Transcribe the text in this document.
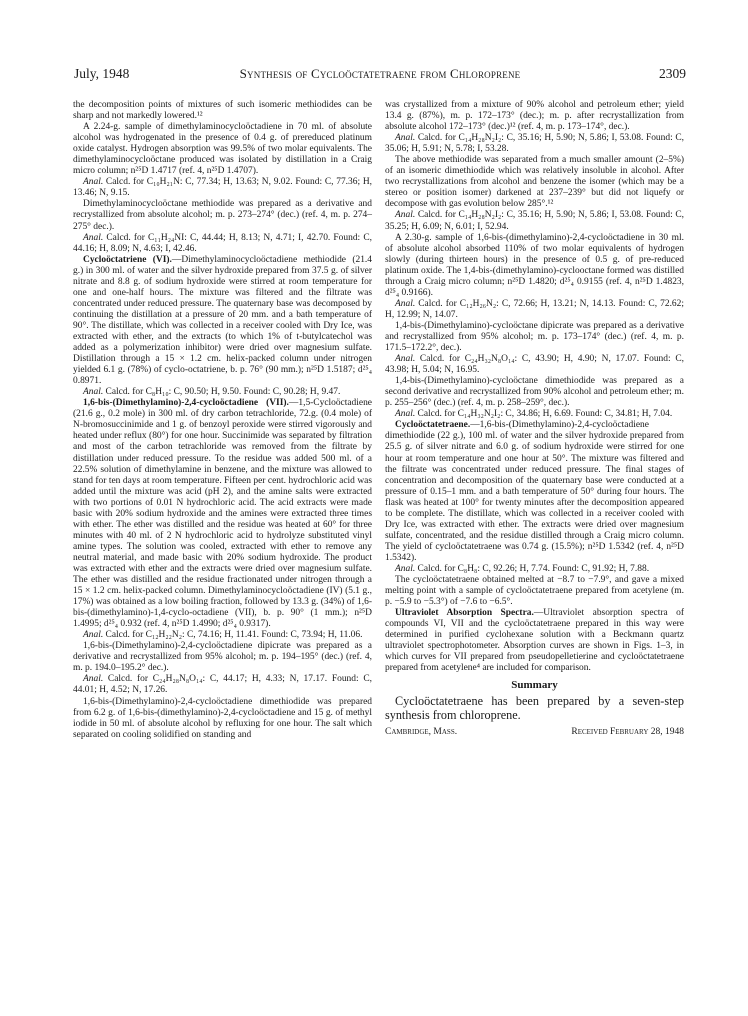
July, 1948	Synthesis of Cycloöctatetraene from Chloroprene	2309

the decomposition points of mixtures of such isomeric methiodides can be sharp and not markedly lowered.¹²

A 2.24-g. sample of dimethylaminocycloöctadiene in 70 ml. of absolute alcohol was hydrogenated in the presence of 0.4 g. of prereduced platinum oxide catalyst. Hydrogen absorption was 99.5% of two molar equivalents. The dimethylaminocycloöctane produced was isolated by distillation in a Craig micro column; n²⁵D 1.4717 (ref. 4, n²⁵D 1.4707).

Anal. Calcd. for C₁₀H₂₁N: C, 77.34; H, 13.63; N, 9.02. Found: C, 77.36; H, 13.46; N, 9.15.

Dimethylaminocycloöctane methiodide was prepared as a derivative and recrystallized from absolute alcohol; m. p. 273–274° (dec.) (ref. 4, m. p. 274–275° dec.).

Anal. Calcd. for C₁₁H₂₄NI: C, 44.44; H, 8.13; N, 4.71; I, 42.70. Found: C, 44.16; H, 8.09; N, 4.63; I, 42.46.

Cycloöctatriene (VI).—Dimethylaminocycloöctadiene methiodide (21.4 g.) in 300 ml. of water and the silver hydroxide prepared from 37.5 g. of silver nitrate and 8.8 g. of sodium hydroxide were stirred at room temperature for one and one-half hours. The mixture was filtered and the filtrate was concentrated under reduced pressure. The quaternary base was decomposed by continuing the distillation at a pressure of 20 mm. and a bath temperature of 90°. The distillate, which was collected in a receiver cooled with Dry Ice, was extracted with ether, and the extracts (to which 1% of t-butylcatechol was added as a polymerization inhibitor) were dried over magnesium sulfate. Distillation through a 15 × 1.2 cm. helix-packed column under nitrogen yielded 6.1 g. (78%) of cyclo-octatriene, b. p. 76° (90 mm.); n²⁵D 1.5187; d²⁵₄ 0.8971.

Anal. Calcd. for C₈H₁₀: C, 90.50; H, 9.50. Found: C, 90.28; H, 9.47.

1,6-bis-(Dimethylamino)-2,4-cycloöctadiene (VII).—1,5-Cycloöctadiene (21.6 g., 0.2 mole) in 300 ml. of dry carbon tetrachloride, 72.g. (0.4 mole) of N-bromosuccinimide and 1 g. of benzoyl peroxide were stirred vigorously and heated under reflux (80°) for one hour. Succinimide was separated by filtration and most of the carbon tetrachloride was removed from the filtrate by distillation under reduced pressure. To the residue was added 500 ml. of a 22.5% solution of dimethylamine in benzene, and the mixture was allowed to stand for ten days at room temperature. Fifteen per cent. hydrochloric acid was added until the mixture was acid (pH 2), and the amine salts were extracted with two portions of 0.01 N hydrochloric acid. The acid extracts were made basic with 20% sodium hydroxide and the amines were extracted three times with ether. The ether was distilled and the residue was heated at 60° for three minutes with 40 ml. of 2 N hydrochloric acid to hydrolyze substituted vinyl amine types. The solution was cooled, extracted with ether to remove any neutral material, and made basic with 20% sodium hydroxide. The product was extracted with ether and the extracts were dried over magnesium sulfate. The ether was distilled and the residue fractionated under nitrogen through a 15 × 1.2 cm. helix-packed column. Dimethylaminocycloöctadiene (IV) (5.1 g., 17%) was obtained as a low boiling fraction, followed by 13.3 g. (34%) of 1,6-bis-(dimethylamino)-1,4-cyclo-octadiene (VII), b. p. 90° (1 mm.); n²⁵D 1.4995; d²⁵₄ 0.932 (ref. 4, n²⁵D 1.4990; d²⁵₄ 0.9317).

Anal. Calcd. for C₁₂H₂₂N₂: C, 74.16; H, 11.41. Found: C, 73.94; H, 11.06.

1,6-bis-(Dimethylamino)-2,4-cycloöctadiene dipicrate was prepared as a derivative and recrystallized from 95% alcohol; m. p. 194–195° (dec.) (ref. 4, m. p. 194.0–195.2° dec.).

Anal. Calcd. for C₂₄H₂₈N₈O₁₄: C, 44.17; H, 4.33; N, 17.17. Found: C, 44.01; H, 4.52; N, 17.26.

1,6-bis-(Dimethylamino)-2,4-cycloöctadiene dimethiodide was prepared from 6.2 g. of 1,6-bis-(dimethylamino)-2,4-cycloöctadiene and 15 g. of methyl iodide in 50 ml. of absolute alcohol by refluxing for one hour. The salt which separated on cooling solidified on standing and

was crystallized from a mixture of 90% alcohol and petroleum ether; yield 13.4 g. (87%), m. p. 172–173° (dec.); m. p. after recrystallization from absolute alcohol 172–173° (dec.)¹² (ref. 4, m. p. 173–174°, dec.).

Anal. Calcd. for C₁₄H₂₈N₂I₂: C, 35.16; H, 5.90; N, 5.86; I, 53.08. Found: C, 35.06; H, 5.91; N, 5.78; I, 53.28.

The above methiodide was separated from a much smaller amount (2–5%) of an isomeric dimethiodide which was relatively insoluble in alcohol. After two recrystallizations from alcohol and benzene the isomer (which may be a stereo or position isomer) darkened at 237–239° but did not liquefy or decompose with gas evolution below 285°.¹²

Anal. Calcd. for C₁₄H₂₈N₂I₂: C, 35.16; H, 5.90; N, 5.86; I, 53.08. Found: C, 35.25; H, 6.09; N, 6.01; I, 52.94.

A 2.30-g. sample of 1,6-bis-(dimethylamino)-2,4-cycloöctadiene in 30 ml. of absolute alcohol absorbed 110% of two molar equivalents of hydrogen slowly (during thirteen hours) in the presence of 0.5 g. of pre-reduced platinum oxide. The 1,4-bis-(dimethylamino)-cyclooctane formed was distilled through a Craig micro column; n²⁵D 1.4820; d²⁵₄ 0.9155 (ref. 4, n²⁵D 1.4823, d²⁵₄ 0.9166).

Anal. Calcd. for C₁₂H₂₆N₂: C, 72.66; H, 13.21; N, 14.13. Found: C, 72.62; H, 12.99; N, 14.07.

1,4-bis-(Dimethylamino)-cycloöctane dipicrate was prepared as a derivative and recrystallized from 95% alcohol; m. p. 173–174° (dec.) (ref. 4, m. p. 171.5–172.2°, dec.).

Anal. Calcd. for C₂₄H₃₂N₈O₁₄: C, 43.90; H, 4.90; N, 17.07. Found: C, 43.98; H, 5.04; N, 16.95.

1,4-bis-(Dimethylamino)-cycloöctane dimethiodide was prepared as a second derivative and recrystallized from 90% alcohol and petroleum ether; m. p. 255–256° (dec.) (ref. 4, m. p. 258–259°, dec.).

Anal. Calcd. for C₁₄H₃₂N₂I₂: C, 34.86; H, 6.69. Found: C, 34.81; H, 7.04.

Cycloöctatetraene.—1,6-bis-(Dimethylamino)-2,4-cycloöctadiene dimethiodide (22 g.), 100 ml. of water and the silver hydroxide prepared from 25.5 g. of silver nitrate and 6.0 g. of sodium hydroxide were stirred for one hour at room temperature and one hour at 50°. The mixture was filtered and the filtrate was concentrated under reduced pressure. The final stages of concentration and decomposition of the quaternary base were conducted at a pressure of 0.15–1 mm. and a bath temperature of 50° during four hours. The flask was heated at 100° for twenty minutes after the decomposition appeared to be complete. The distillate, which was collected in a receiver cooled with Dry Ice, was extracted with ether. The extracts were dried over magnesium sulfate, concentrated, and the residue distilled through a Craig micro column. The yield of cycloöctatetraene was 0.74 g. (15.5%); n²⁵D 1.5342 (ref. 4, n²⁵D 1.5342).

Anal. Calcd. for C₈H₈: C, 92.26; H, 7.74. Found: C, 91.92; H, 7.88.

The cycloöctatetraene obtained melted at −8.7 to −7.9°, and gave a mixed melting point with a sample of cycloöctatetraene prepared from acetylene (m. p. −5.9 to −5.3°) of −7.6 to −6.5°.

Ultraviolet Absorption Spectra.—Ultraviolet absorption spectra of compounds VI, VII and the cycloöctatetraene prepared in this way were determined in purified cyclohexane solution with a Beckmann quartz ultraviolet spectrophotometer. Absorption curves are shown in Figs. 1–3, in which curves for VII prepared from pseudopelletierine and cycloöctatetraene prepared from acetylene⁴ are included for comparison.

Summary

Cycloöctatetraene has been prepared by a seven-step synthesis from chloroprene.

Cambridge, Mass.	Received February 28, 1948
